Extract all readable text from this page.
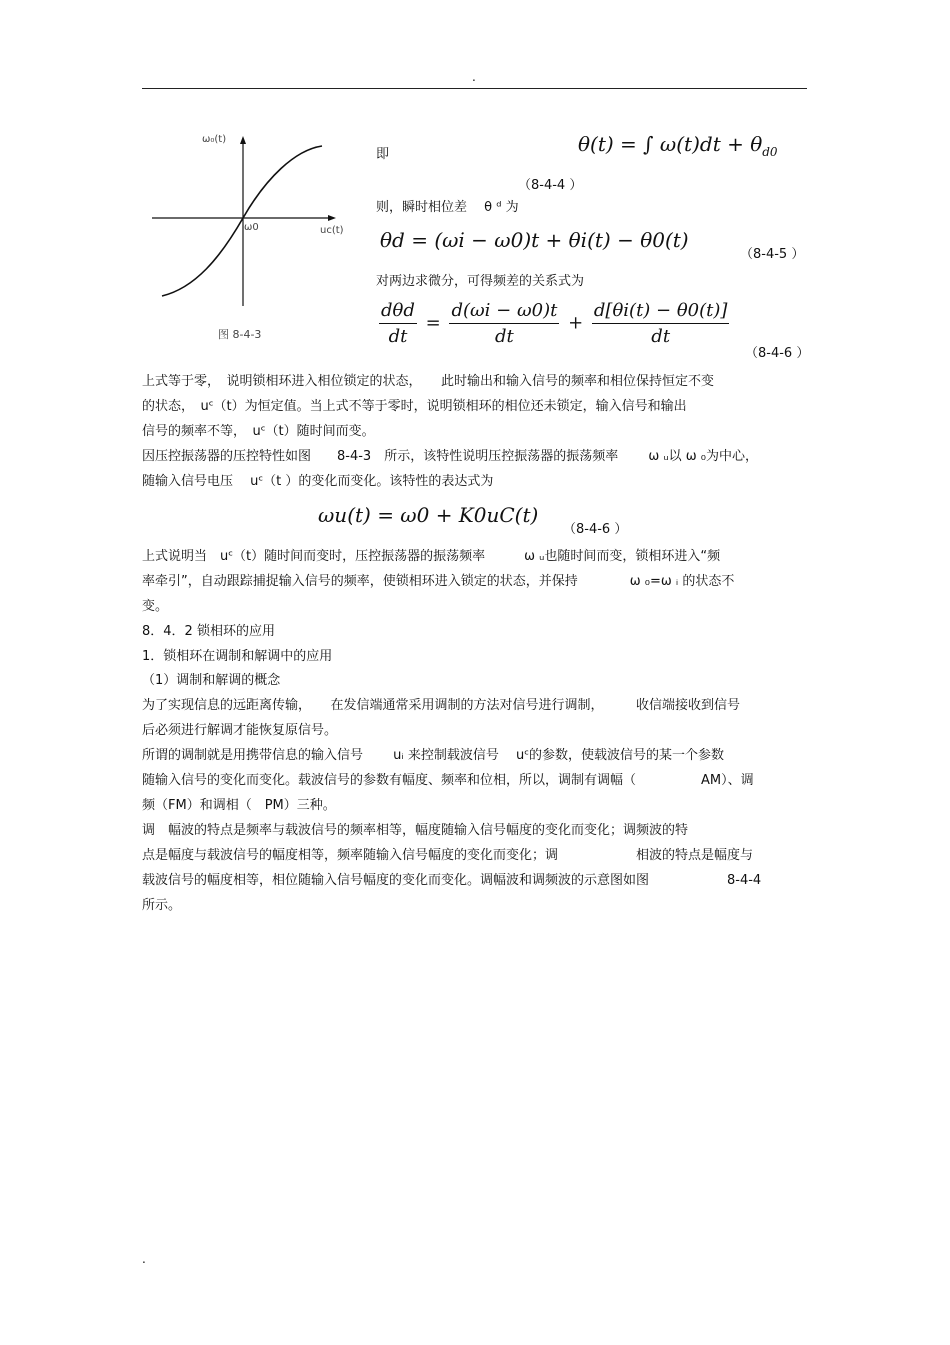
.
ω₀(t)
ω0	uᴄ(t)
图 8-4-3
即	θ(t) = ∫ $\omega(t)dt + \theta_{d0}$
（8-4-4 ）
则，瞬时相位差　 θ ᵈ 为
θd = (ωi − ω0)t + θi(t) − θ0(t)
（8-4-5 ）
对两边求微分，可得频差的关系式为
$\frac{\text{dθd}}{dt} = \frac{d(\omega i - \omega 0)t}{dt} + \frac{d[\theta i(t) - \theta 0(t)]}{dt}$
（8-4-6 ）
上式等于零，　说明锁相环进入相位锁定的状态，　　此时输出和输入信号的频率和相位保持恒定不变
的状态，　uᶜ（t）为恒定值。当上式不等于零时，说明锁相环的相位还未锁定，输入信号和输出
信号的频率不等，　uᶜ（t）随时间而变。
因压控振荡器的压控特性如图　　8-4-3　所示，该特性说明压控振荡器的振荡频率　　 ω ᵤ以 ω ₀为中心，
随输入信号电压　 uᶜ（t ）的变化而变化。该特性的表达式为
ωu(t) = ω0 + K0uC(t)
（8-4-6 ）
上式说明当　uᶜ（t）随时间而变时，压控振荡器的振荡频率　　　ω ᵤ也随时间而变，锁相环进入“频
率牵引”，自动跟踪捕捉输入信号的频率，使锁相环进入锁定的状态，并保持　　　　ω ₀=ω ᵢ 的状态不
变。
8．4．2 锁相环的应用
1．锁相环在调制和解调中的应用
（1）调制和解调的概念
为了实现信息的远距离传输，　　在发信端通常采用调制的方法对信号进行调制，　　　收信端接收到信号
后必须进行解调才能恢复原信号。
所谓的调制就是用携带信息的输入信号　　 uᵢ 来控制载波信号　 uᶜ的参数，使载波信号的某一个参数
随输入信号的变化而变化。载波信号的参数有幅度、频率和位相，所以，调制有调幅（　　　　　AM）、调
频（FM）和调相（　PM）三种。
调　幅波的特点是频率与载波信号的频率相等，幅度随输入信号幅度的变化而变化；调频波的特
点是幅度与载波信号的幅度相等，频率随输入信号幅度的变化而变化；调　　　　　　相波的特点是幅度与
载波信号的幅度相等，相位随输入信号幅度的变化而变化。调幅波和调频波的示意图如图　　　　　　8-4-4
所示。
.
